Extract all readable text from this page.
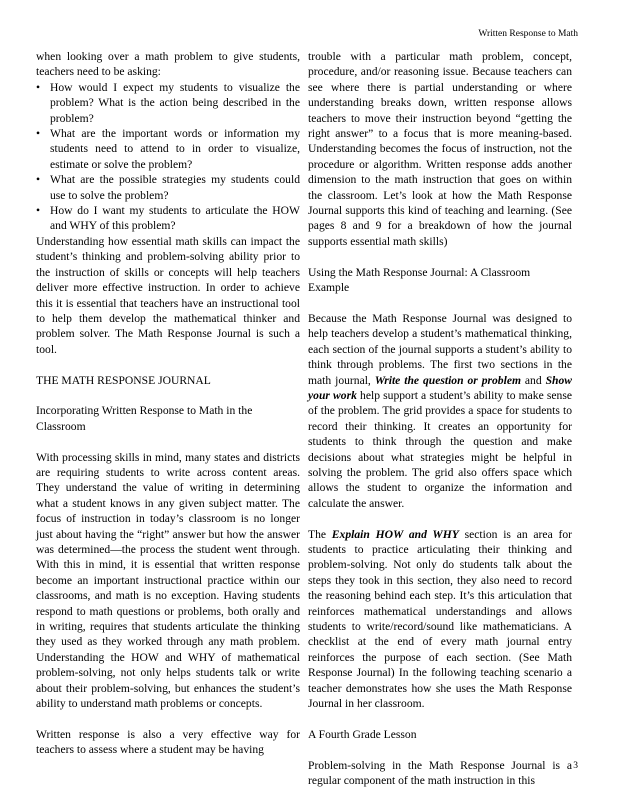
Written Response to Math

when looking over a math problem to give students, teachers need to be asking:

• How would I expect my students to visualize the problem? What is the action being described in the problem?
• What are the important words or information my students need to attend to in order to visualize, estimate or solve the problem?
• What are the possible strategies my students could use to solve the problem?
• How do I want my students to articulate the HOW and WHY of this problem?

Understanding how essential math skills can impact the student’s thinking and problem-solving ability prior to the instruction of skills or concepts will help teachers deliver more effective instruction. In order to achieve this it is essential that teachers have an instructional tool to help them develop the mathematical thinker and problem solver. The Math Response Journal is such a tool.

THE MATH RESPONSE JOURNAL

Incorporating Written Response to Math in the Classroom

With processing skills in mind, many states and districts are requiring students to write across content areas. They understand the value of writing in determining what a student knows in any given subject matter. The focus of instruction in today’s classroom is no longer just about having the “right” answer but how the answer was determined—the process the student went through. With this in mind, it is essential that written response become an important instructional practice within our classrooms, and math is no exception. Having students respond to math questions or problems, both orally and in writing, requires that students articulate the thinking they used as they worked through any math problem. Understanding the HOW and WHY of mathematical problem-solving, not only helps students talk or write about their problem-solving, but enhances the student’s ability to understand math problems or concepts.

Written response is also a very effective way for teachers to assess where a student may be having

trouble with a particular math problem, concept, procedure, and/or reasoning issue. Because teachers can see where there is partial understanding or where understanding breaks down, written response allows teachers to move their instruction beyond “getting the right answer” to a focus that is more meaning-based. Understanding becomes the focus of instruction, not the procedure or algorithm. Written response adds another dimension to the math instruction that goes on within the classroom. Let’s look at how the Math Response Journal supports this kind of teaching and learning. (See pages 8 and 9 for a breakdown of how the journal supports essential math skills)

Using the Math Response Journal: A Classroom Example

Because the Math Response Journal was designed to help teachers develop a student’s mathematical thinking, each section of the journal supports a student’s ability to think through problems. The first two sections in the math journal, Write the question or problem and Show your work help support a student’s ability to make sense of the problem. The grid provides a space for students to record their thinking. It creates an opportunity for students to think through the question and make decisions about what strategies might be helpful in solving the problem. The grid also offers space which allows the student to organize the information and calculate the answer.

The Explain HOW and WHY section is an area for students to practice articulating their thinking and problem-solving. Not only do students talk about the steps they took in this section, they also need to record the reasoning behind each step. It’s this articulation that reinforces mathematical understandings and allows students to write/record/sound like mathematicians. A checklist at the end of every math journal entry reinforces the purpose of each section. (See Math Response Journal) In the following teaching scenario a teacher demonstrates how she uses the Math Response Journal in her classroom.

A Fourth Grade Lesson

Problem-solving in the Math Response Journal is a regular component of the math instruction in this

3
